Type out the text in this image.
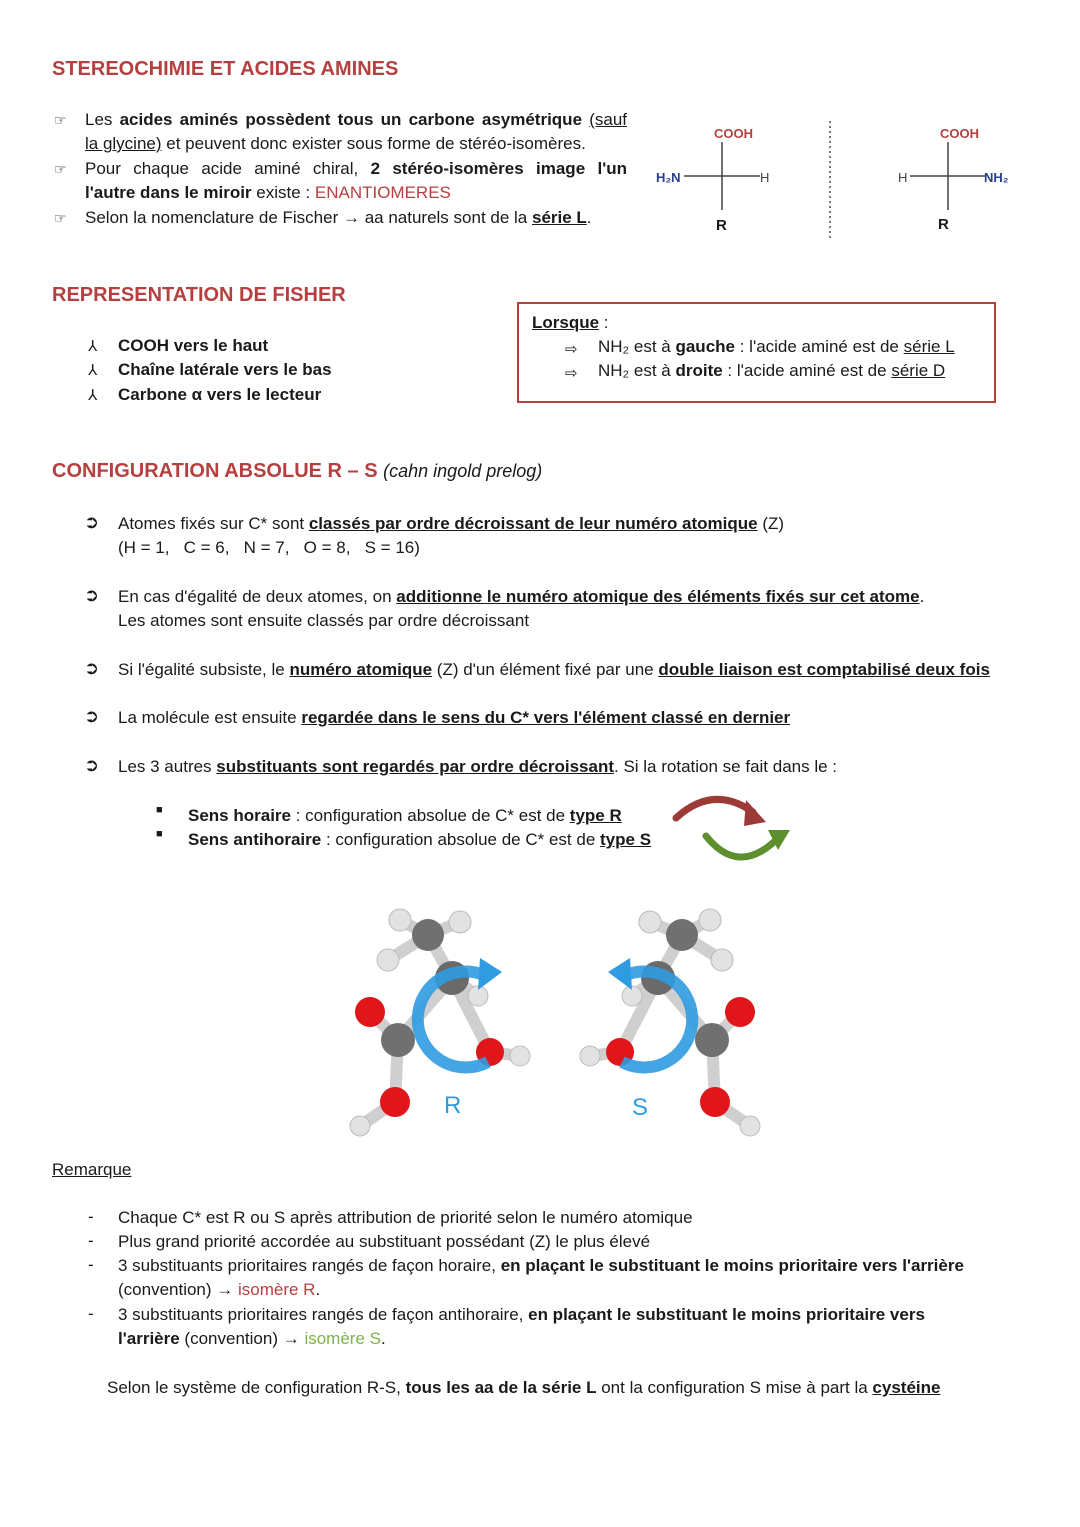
STEREOCHIMIE ET ACIDES AMINES
☞ Les acides aminés possèdent tous un carbone asymétrique (sauf
la glycine) et peuvent donc exister sous forme de stéréo-isomères.
☞ Pour chaque acide aminé chiral, 2 stéréo-isomères image l'un
l'autre dans le miroir existe : ENANTIOMERES
☞ Selon la nomenclature de Fischer → aa naturels sont de la série L.
COOH
H₂N	H
R
COOH
H	NH₂
R
REPRESENTATION DE FISHER
⅄ COOH vers le haut
⅄ Chaîne latérale vers le bas
⅄ Carbone α vers le lecteur
Lorsque :
⇨ NH₂ est à gauche : l'acide aminé est de série L
⇨ NH₂ est à droite : l'acide aminé est de série D
CONFIGURATION ABSOLUE R – S (cahn ingold prelog)
➲ Atomes fixés sur C* sont classés par ordre décroissant de leur numéro atomique (Z)
(H = 1,   C = 6,   N = 7,   O = 8,   S = 16)
➲ En cas d'égalité de deux atomes, on additionne le numéro atomique des éléments fixés sur cet atome.
Les atomes sont ensuite classés par ordre décroissant
➲ Si l'égalité subsiste, le numéro atomique (Z) d'un élément fixé par une double liaison est comptabilisé deux fois
➲ La molécule est ensuite regardée dans le sens du C* vers l'élément classé en dernier
➲ Les 3 autres substituants sont regardés par ordre décroissant. Si la rotation se fait dans le :
■ Sens horaire : configuration absolue de C* est de type R
■ Sens antihoraire : configuration absolue de C* est de type S
R	S
Remarque
- Chaque C* est R ou S après attribution de priorité selon le numéro atomique
- Plus grand priorité accordée au substituant possédant (Z) le plus élevé
- 3 substituants prioritaires rangés de façon horaire, en plaçant le substituant le moins prioritaire vers l'arrière
(convention) → isomère R.
- 3 substituants prioritaires rangés de façon antihoraire, en plaçant le substituant le moins prioritaire vers
l'arrière (convention) → isomère S.
Selon le système de configuration R-S, tous les aa de la série L ont la configuration S mise à part la cystéine
